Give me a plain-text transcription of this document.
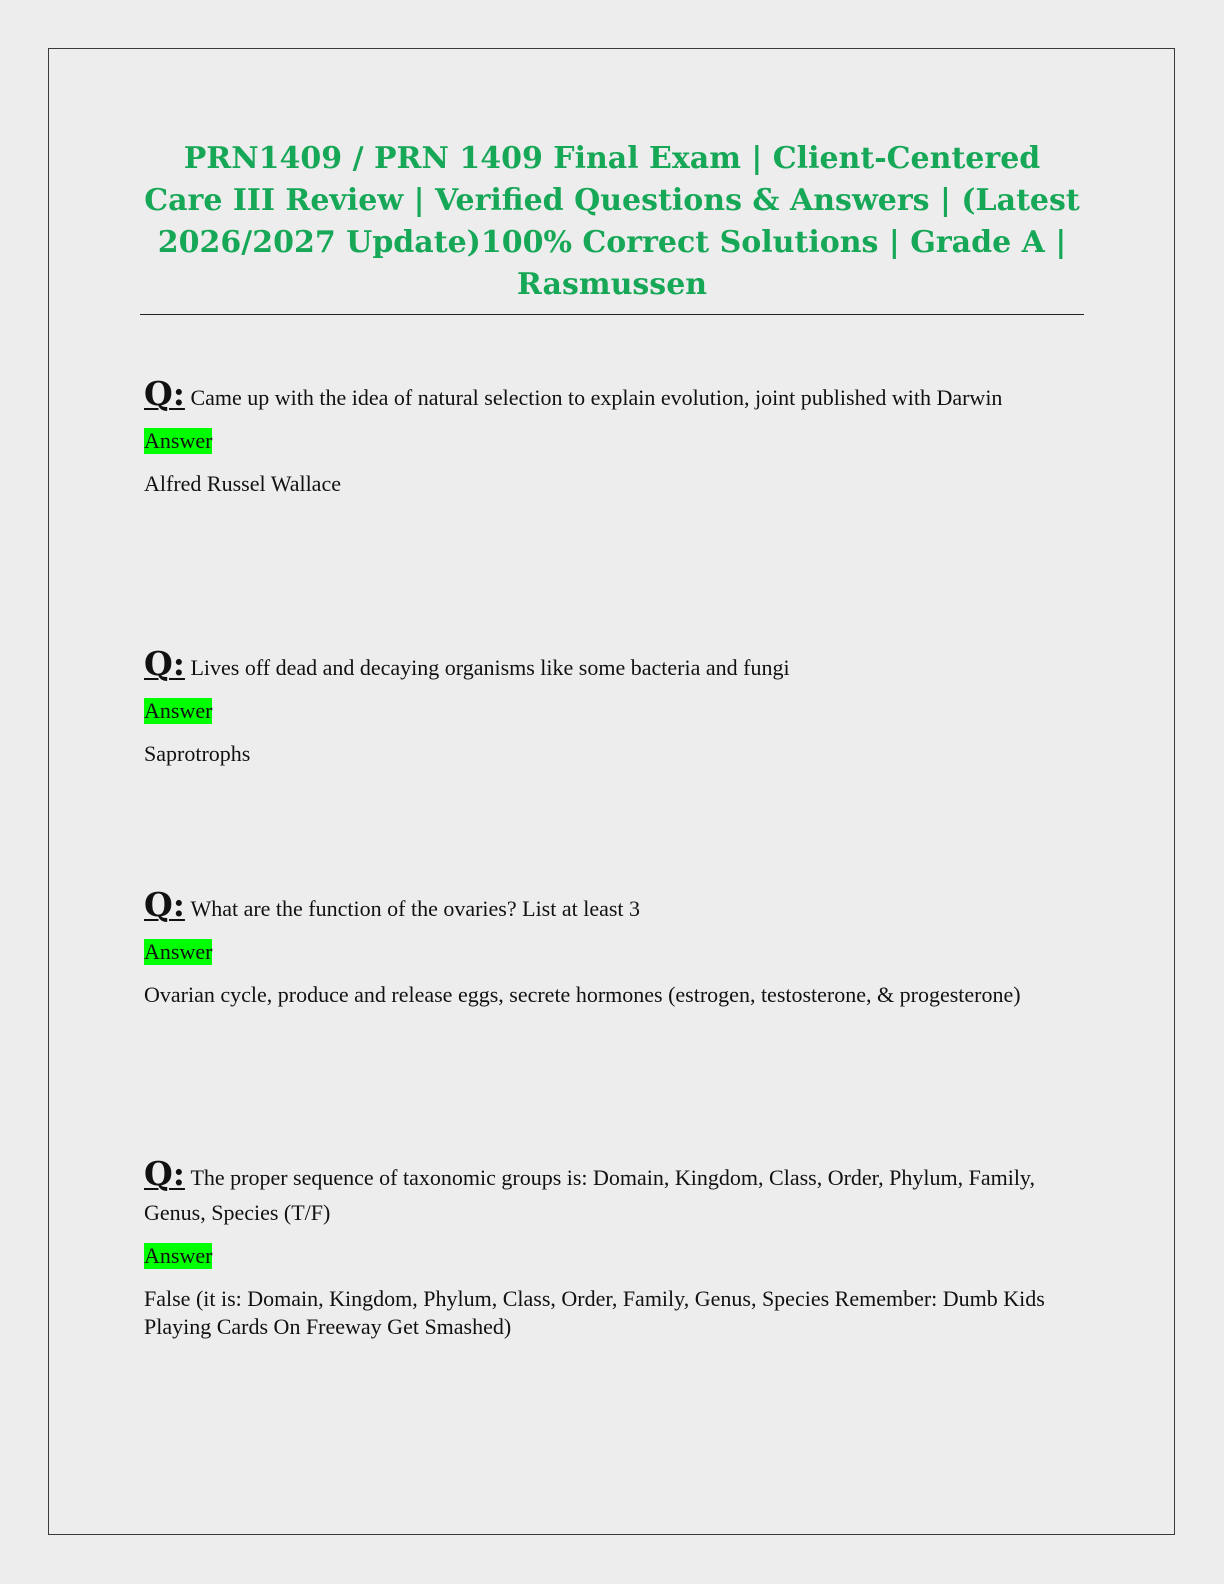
PRN1409 / PRN 1409 Final Exam | Client-Centered Care III Review | Verified Questions & Answers | (Latest 2026/2027 Update)100% Correct Solutions | Grade A | Rasmussen

Q: Came up with the idea of natural selection to explain evolution, joint published with Darwin

Answer

Alfred Russel Wallace

Q: Lives off dead and decaying organisms like some bacteria and fungi

Answer

Saprotrophs

Q: What are the function of the ovaries? List at least 3

Answer

Ovarian cycle, produce and release eggs, secrete hormones (estrogen, testosterone, & progesterone)

Q: The proper sequence of taxonomic groups is: Domain, Kingdom, Class, Order, Phylum, Family, Genus, Species (T/F)

Answer

False (it is: Domain, Kingdom, Phylum, Class, Order, Family, Genus, Species Remember: Dumb Kids Playing Cards On Freeway Get Smashed)
